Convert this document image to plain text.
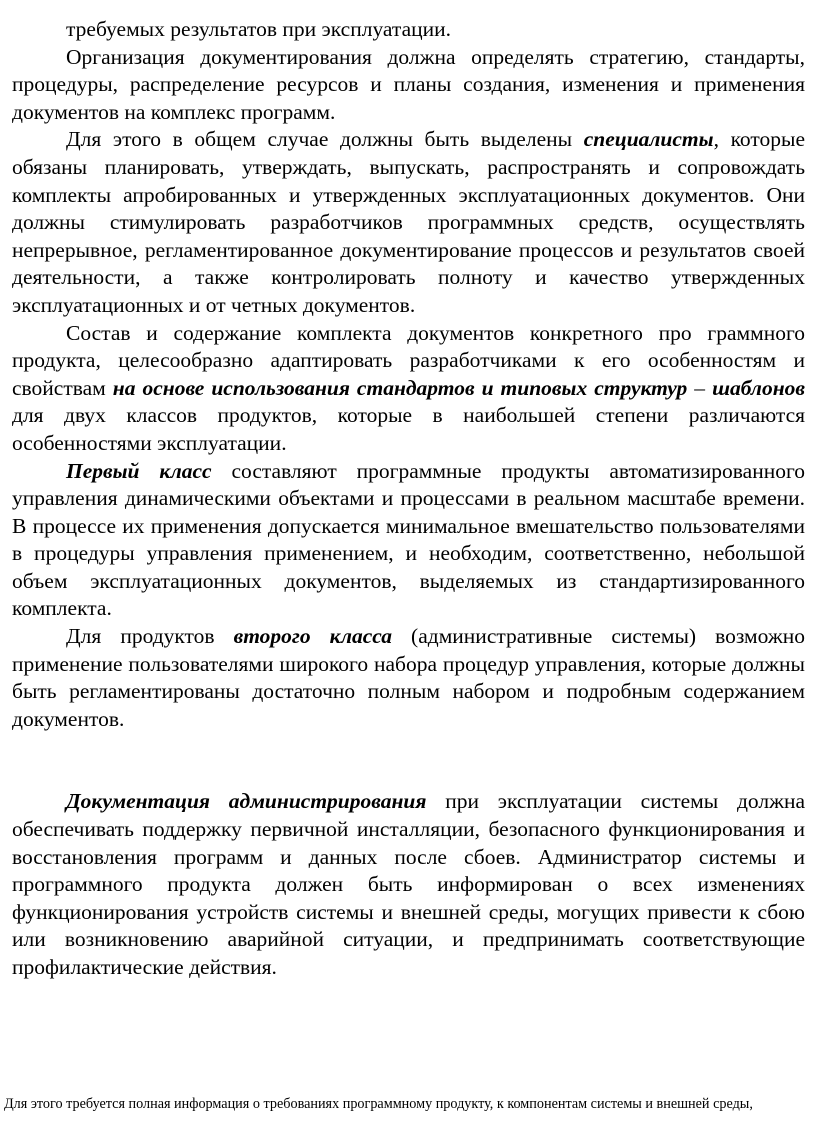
требуемых результатов при эксплуатации.

Организация документирования должна определять стратегию, стандарты, процедуры, распределение ресурсов и планы создания, изменения и применения документов на комплекс программ.

Для этого в общем случае должны быть выделены специалисты, которые обязаны планировать, утверждать, выпускать, распространять и сопровождать комплекты апробированных и утвержденных эксплуатационных документов. Они должны стимулировать разработчиков программных средств, осуществлять непрерывное, регламентированное документирование процессов и результатов своей деятельности, а также контролировать полноту и качество утвержденных эксплуатационных и от четных документов.

Состав и содержание комплекта документов конкретного про граммного продукта, целесообразно адаптировать разработчиками к его особенностям и свойствам на основе использования стандартов и типовых структур – шаблонов для двух классов продуктов, которые в наибольшей степени различаются особенностями эксплуатации.

Первый класс составляют программные продукты автоматизированного управления динамическими объектами и процессами в реальном масштабе времени. В процессе их применения допускается минимальное вмешательство пользователями в процедуры управления применением, и необходим, соответственно, небольшой объем эксплуатационных документов, выделяемых из стандартизированного комплекта.

Для продуктов второго класса (административные системы) возможно применение пользователями широкого набора процедур управления, которые должны быть регламентированы достаточно полным набором и подробным содержанием документов.

Документация администрирования при эксплуатации системы должна обеспечивать поддержку первичной инсталляции, безопасного функционирования и восстановления программ и данных после сбоев. Администратор системы и программного продукта должен быть информирован о всех изменениях функционирования устройств системы и внешней среды, могущих привести к сбою или возникновению аварийной ситуации, и предпринимать соответствующие профилактические действия.

Для этого требуется полная информация о требованиях программному продукту, к компонентам системы и внешней среды,
